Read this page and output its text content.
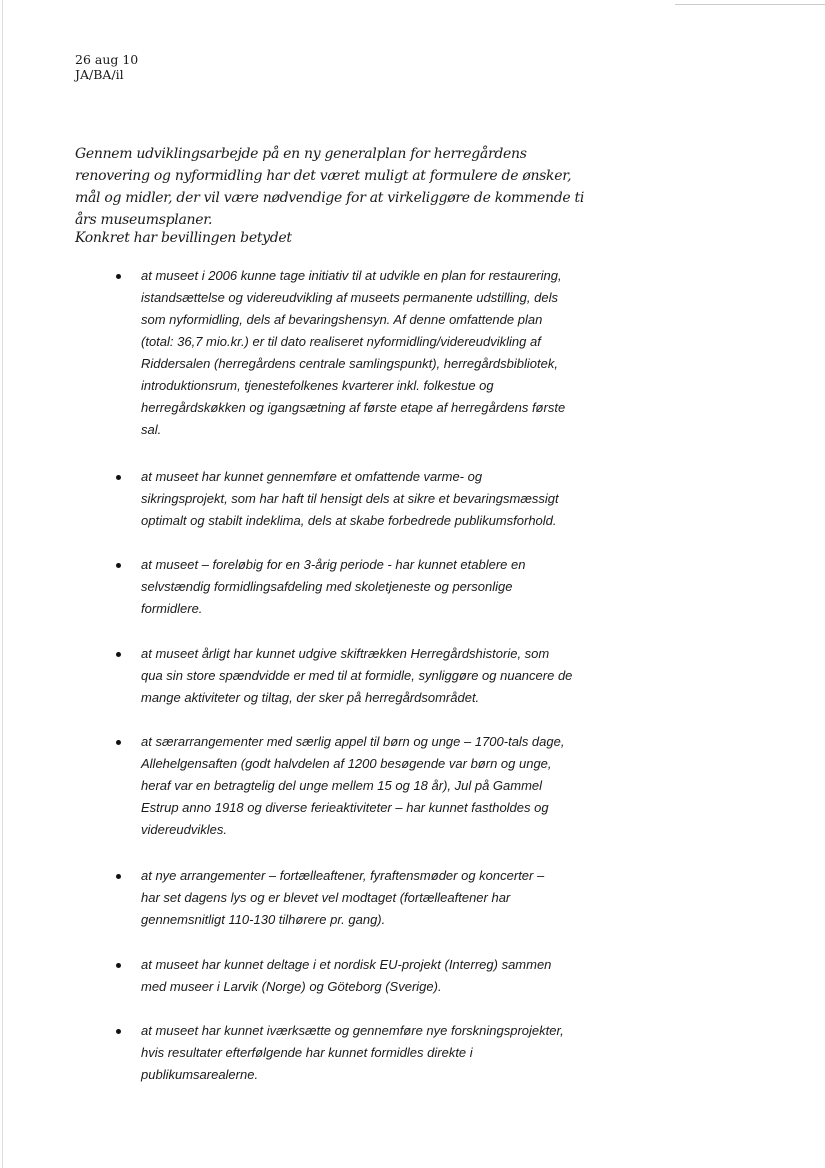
26 aug 10
JA/BA/il
Gennem udviklingsarbejde på en ny generalplan for herregårdens
renovering og nyformidling har det været muligt at formulere de ønsker,
mål og midler, der vil være nødvendige for at virkeliggøre de kommende ti
års museumsplaner.
Konkret har bevillingen betydet
at museet i 2006 kunne tage initiativ til at udvikle en plan for restaurering,
istandsættelse og videreudvikling af museets permanente udstilling, dels
som nyformidling, dels af bevaringshensyn. Af denne omfattende plan
(total: 36,7 mio.kr.) er til dato realiseret nyformidling/videreudvikling af
Riddersalen (herregårdens centrale samlingspunkt), herregårdsbibliotek,
introduktionsrum, tjenestefolkenes kvarterer inkl. folkestue og
herregårdskøkken og igangsætning af første etape af herregårdens første
sal.
at museet har kunnet gennemføre et omfattende varme- og
sikringsprojekt, som har haft til hensigt dels at sikre et bevaringsmæssigt
optimalt og stabilt indeklima, dels at skabe forbedrede publikumsforhold.
at museet – foreløbig for en 3-årig periode - har kunnet etablere en
selvstændig formidlingsafdeling med skoletjeneste og personlige
formidlere.
at museet årligt har kunnet udgive skiftrækken Herregårdshistorie, som
qua sin store spændvidde er med til at formidle, synliggøre og nuancere de
mange aktiviteter og tiltag, der sker på herregårdsområdet.
at særarrangementer med særlig appel til børn og unge – 1700-tals dage,
Allehelgensaften (godt halvdelen af 1200 besøgende var børn og unge,
heraf var en betragtelig del unge mellem 15 og 18 år), Jul på Gammel
Estrup anno 1918 og diverse ferieaktiviteter – har kunnet fastholdes og
videreudvikles.
at nye arrangementer – fortælleaftener, fyraftensmøder og koncerter –
har set dagens lys og er blevet vel modtaget (fortælleaftener har
gennemsnitligt 110-130 tilhørere pr. gang).
at museet har kunnet deltage i et nordisk EU-projekt (Interreg) sammen
med museer i Larvik (Norge) og Göteborg (Sverige).
at museet har kunnet iværksætte og gennemføre nye forskningsprojekter,
hvis resultater efterfølgende har kunnet formidles direkte i
publikumsarealerne.
